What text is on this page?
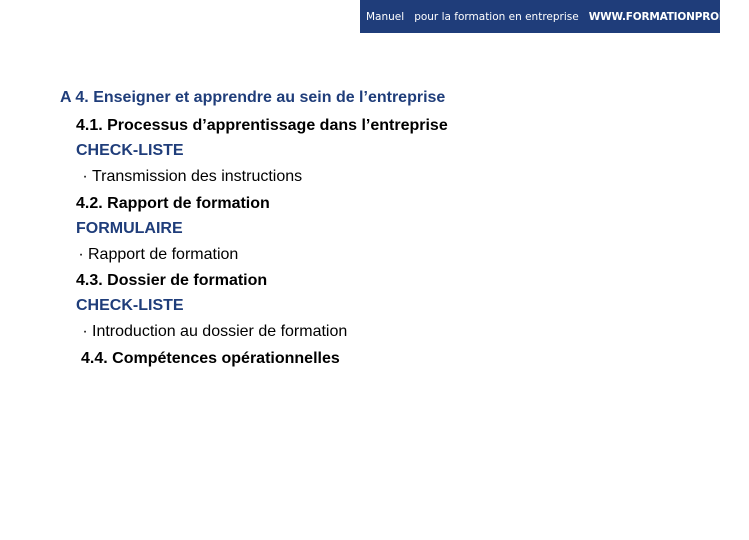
Manuel pour la formation en entreprise WWW.FORMATIONPROF.CH
A 4. Enseigner et apprendre au sein de l’entreprise
4.1. Processus d’apprentissage dans l’entreprise
CHECK-LISTE
· Transmission des instructions
4.2. Rapport de formation
FORMULAIRE
· Rapport de formation
4.3. Dossier de formation
CHECK-LISTE
· Introduction au dossier de formation
4.4. Compétences opérationnelles
